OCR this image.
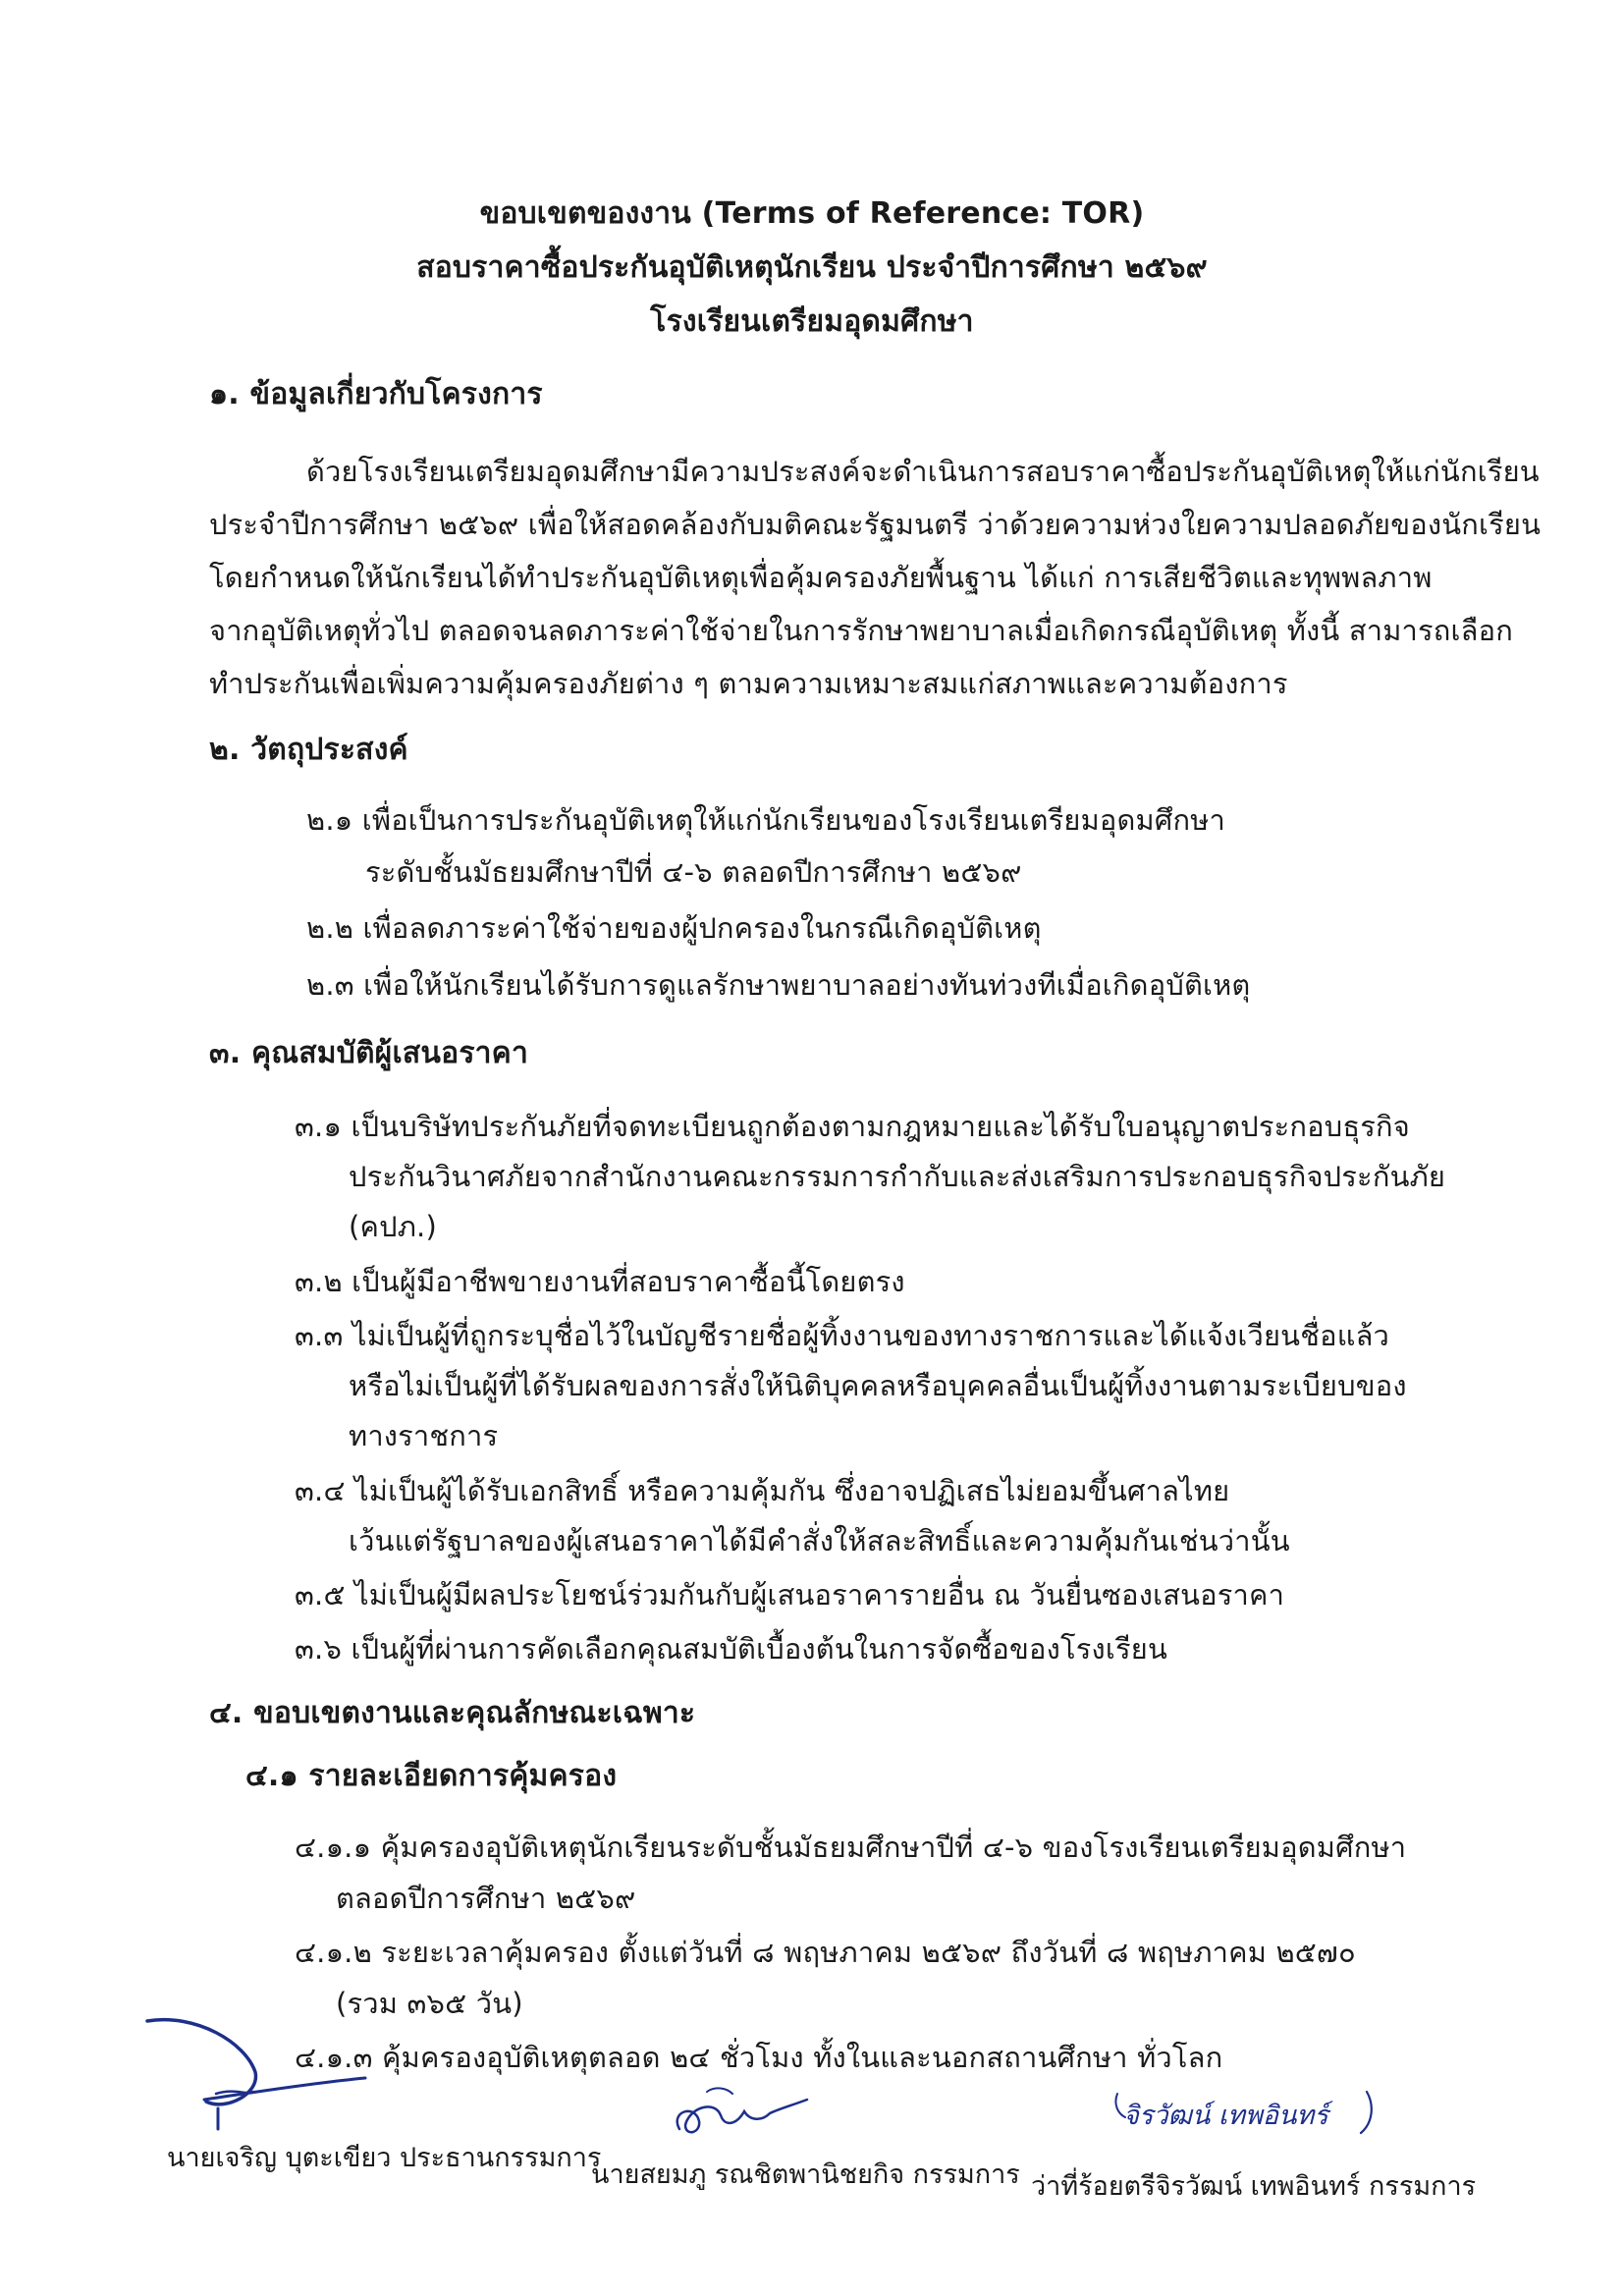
ขอบเขตของงาน (Terms of Reference: TOR)
สอบราคาซื้อประกันอุบัติเหตุนักเรียน ประจำปีการศึกษา ๒๕๖๙
โรงเรียนเตรียมอุดมศึกษา
๑. ข้อมูลเกี่ยวกับโครงการ
ด้วยโรงเรียนเตรียมอุดมศึกษามีความประสงค์จะดำเนินการสอบราคาซื้อประกันอุบัติเหตุให้แก่นักเรียน
ประจำปีการศึกษา ๒๕๖๙ เพื่อให้สอดคล้องกับมติคณะรัฐมนตรี ว่าด้วยความห่วงใยความปลอดภัยของนักเรียน
โดยกำหนดให้นักเรียนได้ทำประกันอุบัติเหตุเพื่อคุ้มครองภัยพื้นฐาน ได้แก่ การเสียชีวิตและทุพพลภาพ
จากอุบัติเหตุทั่วไป ตลอดจนลดภาระค่าใช้จ่ายในการรักษาพยาบาลเมื่อเกิดกรณีอุบัติเหตุ ทั้งนี้ สามารถเลือก
ทำประกันเพื่อเพิ่มความคุ้มครองภัยต่าง ๆ ตามความเหมาะสมแก่สภาพและความต้องการ
๒. วัตถุประสงค์
๒.๑ เพื่อเป็นการประกันอุบัติเหตุให้แก่นักเรียนของโรงเรียนเตรียมอุดมศึกษา
ระดับชั้นมัธยมศึกษาปีที่ ๔-๖ ตลอดปีการศึกษา ๒๕๖๙
๒.๒ เพื่อลดภาระค่าใช้จ่ายของผู้ปกครองในกรณีเกิดอุบัติเหตุ
๒.๓ เพื่อให้นักเรียนได้รับการดูแลรักษาพยาบาลอย่างทันท่วงทีเมื่อเกิดอุบัติเหตุ
๓. คุณสมบัติผู้เสนอราคา
๓.๑ เป็นบริษัทประกันภัยที่จดทะเบียนถูกต้องตามกฎหมายและได้รับใบอนุญาตประกอบธุรกิจ
ประกันวินาศภัยจากสำนักงานคณะกรรมการกำกับและส่งเสริมการประกอบธุรกิจประกันภัย
(คปภ.)
๓.๒ เป็นผู้มีอาชีพขายงานที่สอบราคาซื้อนี้โดยตรง
๓.๓ ไม่เป็นผู้ที่ถูกระบุชื่อไว้ในบัญชีรายชื่อผู้ทิ้งงานของทางราชการและได้แจ้งเวียนชื่อแล้ว
หรือไม่เป็นผู้ที่ได้รับผลของการสั่งให้นิติบุคคลหรือบุคคลอื่นเป็นผู้ทิ้งงานตามระเบียบของ
ทางราชการ
๓.๔ ไม่เป็นผู้ได้รับเอกสิทธิ์ หรือความคุ้มกัน ซึ่งอาจปฏิเสธไม่ยอมขึ้นศาลไทย
เว้นแต่รัฐบาลของผู้เสนอราคาได้มีคำสั่งให้สละสิทธิ์และความคุ้มกันเช่นว่านั้น
๓.๕ ไม่เป็นผู้มีผลประโยชน์ร่วมกันกับผู้เสนอราคารายอื่น ณ วันยื่นซองเสนอราคา
๓.๖ เป็นผู้ที่ผ่านการคัดเลือกคุณสมบัติเบื้องต้นในการจัดซื้อของโรงเรียน
๔. ขอบเขตงานและคุณลักษณะเฉพาะ
๔.๑ รายละเอียดการคุ้มครอง
๔.๑.๑ คุ้มครองอุบัติเหตุนักเรียนระดับชั้นมัธยมศึกษาปีที่ ๔-๖ ของโรงเรียนเตรียมอุดมศึกษา
ตลอดปีการศึกษา ๒๕๖๙
๔.๑.๒ ระยะเวลาคุ้มครอง ตั้งแต่วันที่ ๘ พฤษภาคม ๒๕๖๙ ถึงวันที่ ๘ พฤษภาคม ๒๕๗๐
(รวม ๓๖๕ วัน)
๔.๑.๓ คุ้มครองอุบัติเหตุตลอด ๒๔ ชั่วโมง ทั้งในและนอกสถานศึกษา ทั่วโลก
จิรวัฒน์ เทพอินทร์
นายเจริญ บุตะเขียว ประธานกรรมการ
นายสยมภู รณชิตพานิชยกิจ กรรมการ ว่าที่ร้อยตรีจิรวัฒน์ เทพอินทร์ กรรมการ
